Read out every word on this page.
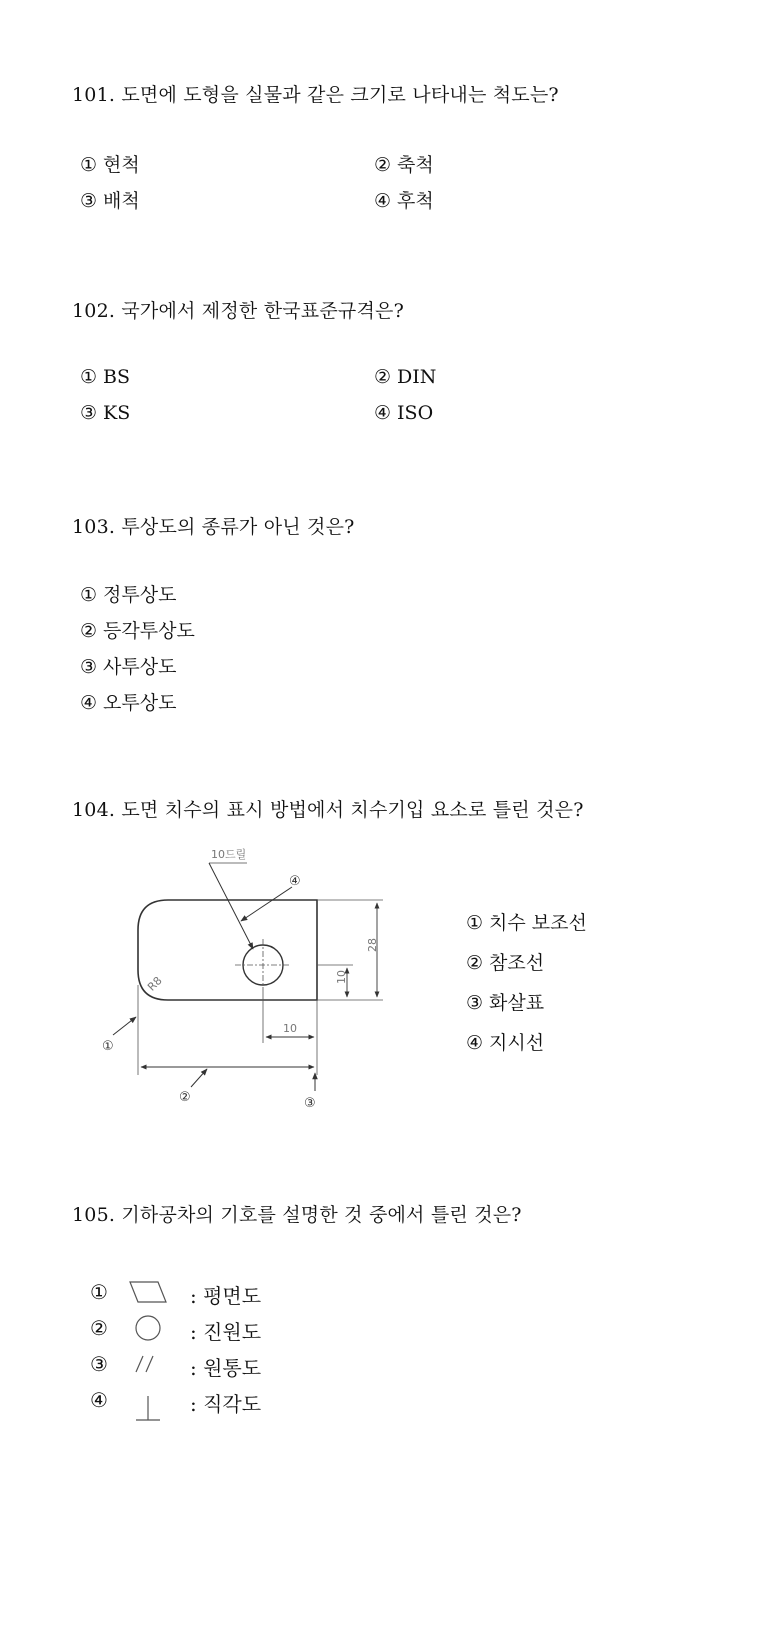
101. 도면에 도형을 실물과 같은 크기로 나타내는 척도는?
① 현척	② 축척
③ 배척	④ 후척
102. 국가에서 제정한 한국표준규격은?
① BS	② DIN
③ KS	④ ISO
103. 투상도의 종류가 아닌 것은?
① 정투상도
② 등각투상도
③ 사투상도
④ 오투상도
104. 도면 치수의 표시 방법에서 치수기입 요소로 틀린 것은?
10드릴
④
R8
28
10
10
①
②	③
① 치수 보조선
② 참조선
③ 화살표
④ 지시선
105. 기하공차의 기호를 설명한 것 중에서 틀린 것은?
①	: 평면도
②	: 진원도
③	: 원통도
④	: 직각도
